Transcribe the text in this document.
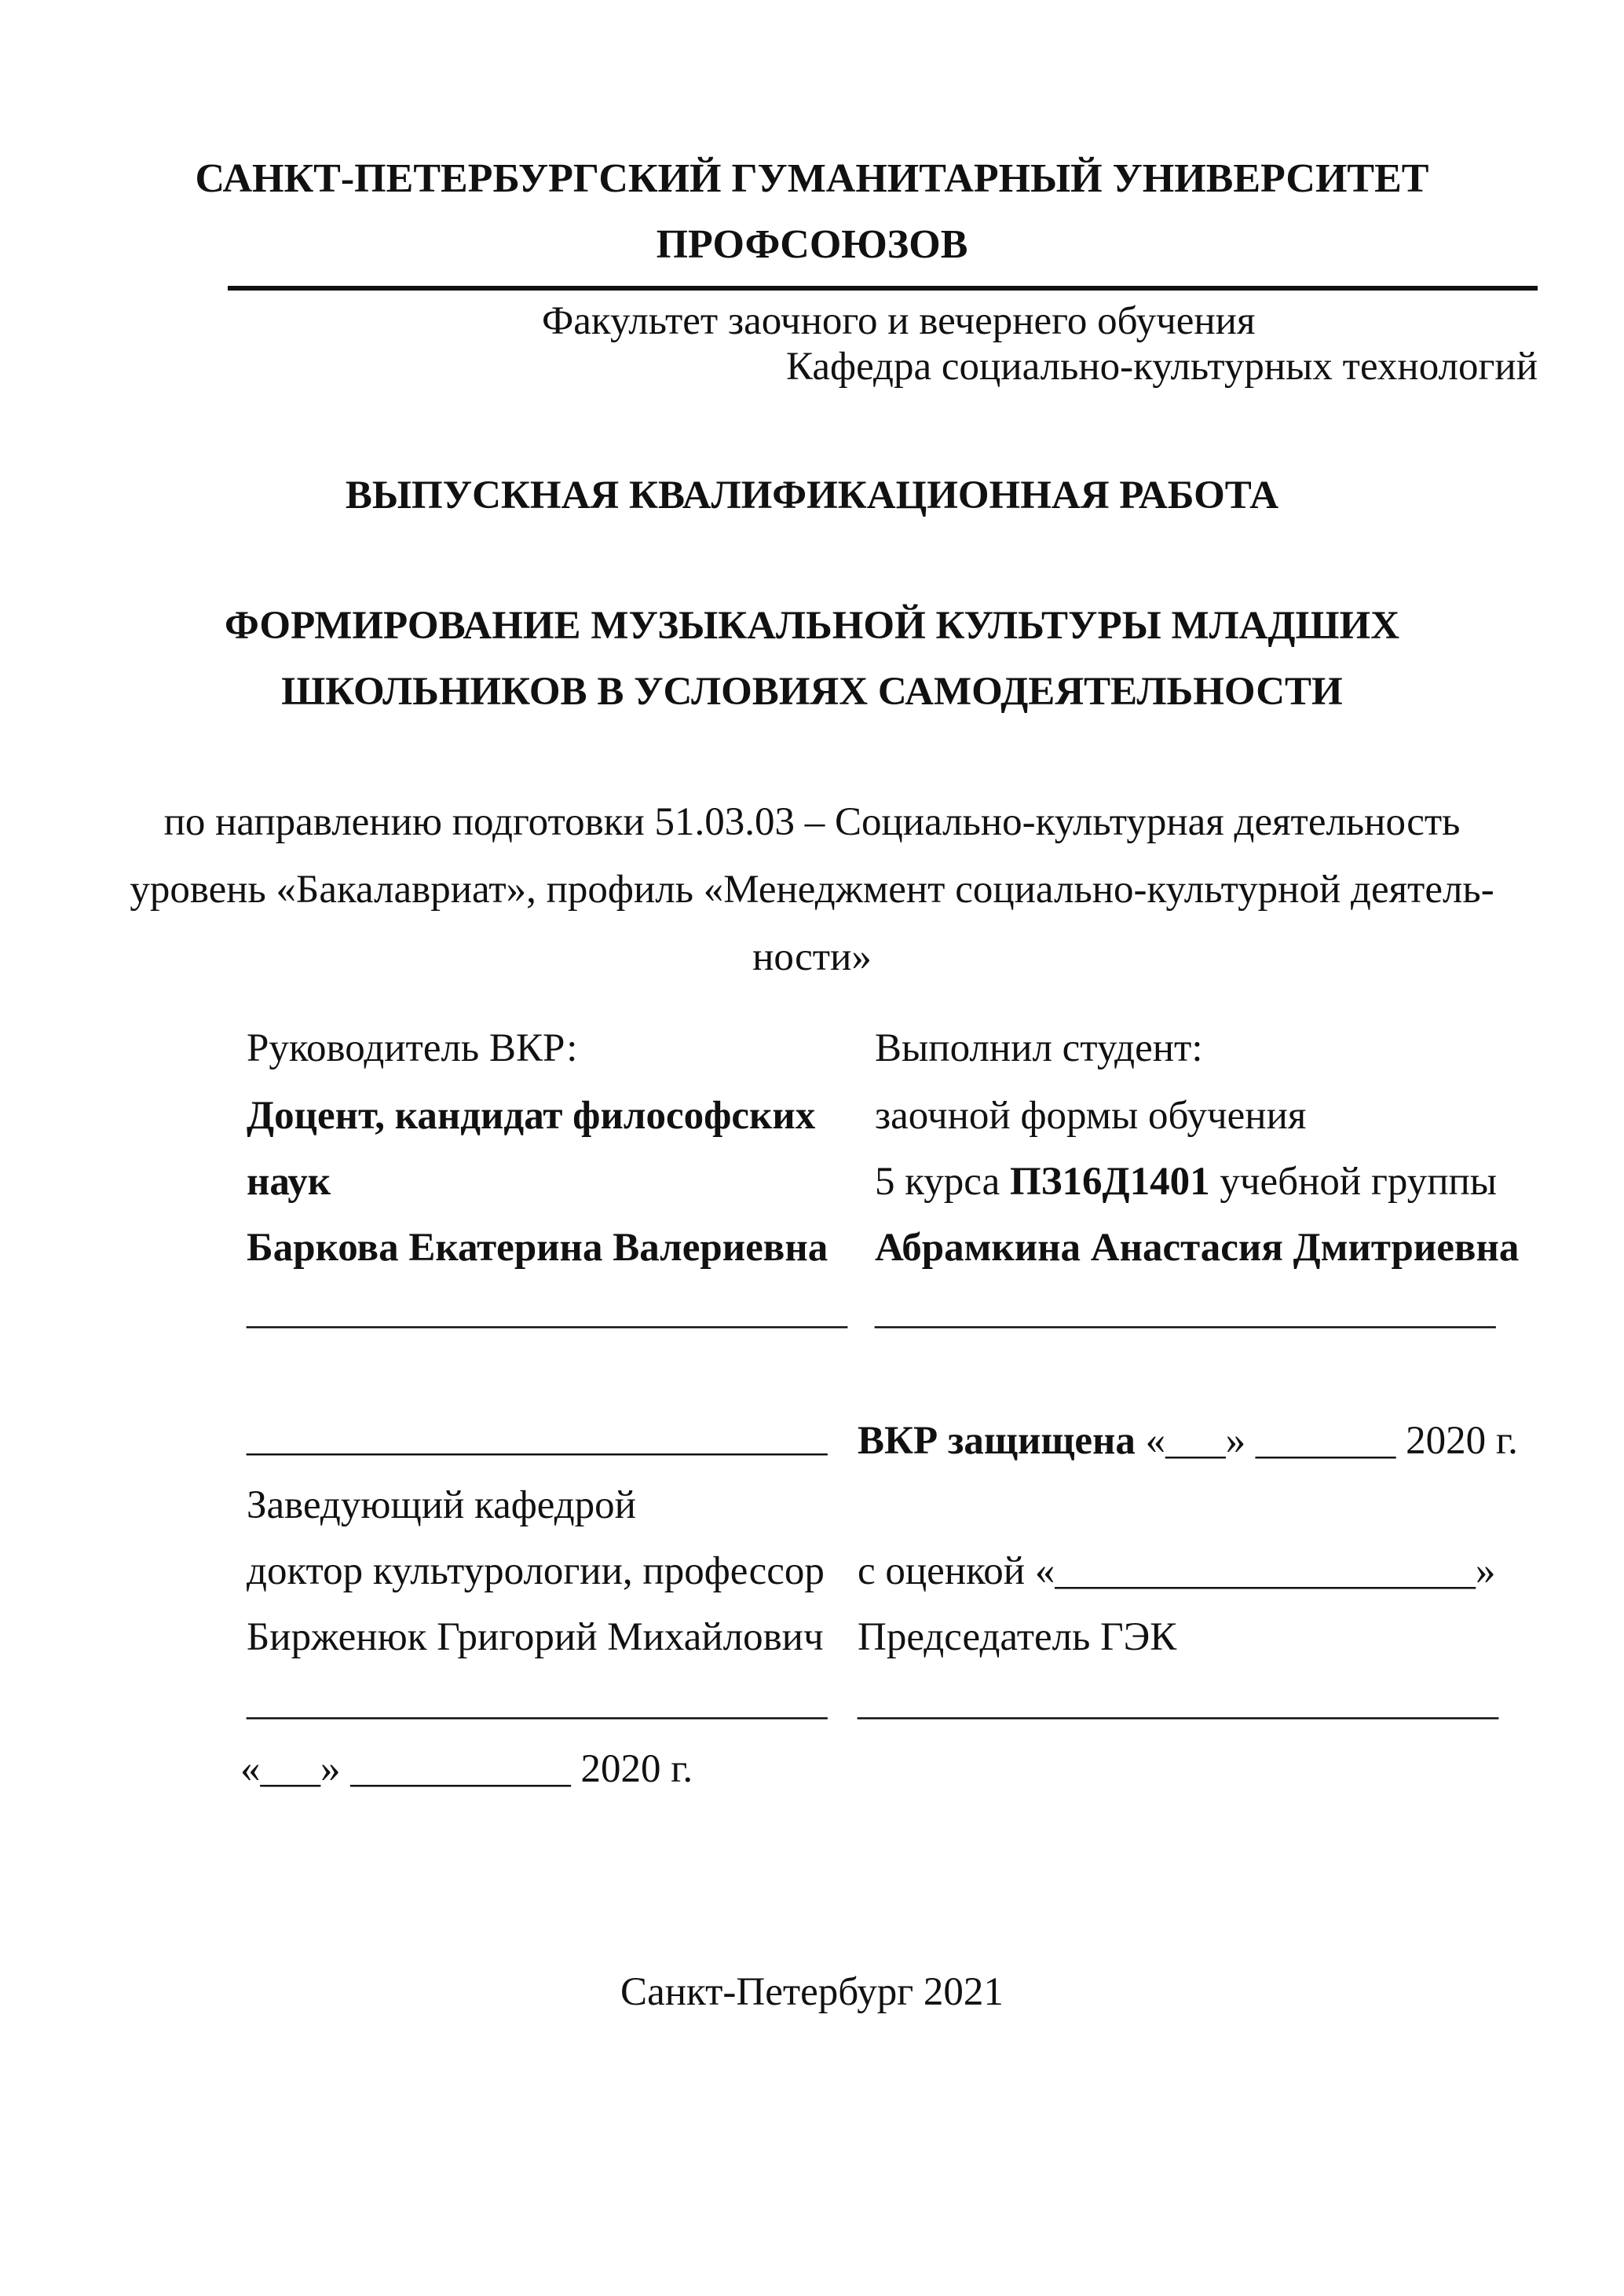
САНКТ-ПЕТЕРБУРГСКИЙ ГУМАНИТАРНЫЙ УНИВЕРСИТЕТ
ПРОФСОЮЗОВ
Факультет заочного и вечернего обучения
Кафедра социально-культурных технологий
ВЫПУСКНАЯ КВАЛИФИКАЦИОННАЯ РАБОТА
ФОРМИРОВАНИЕ МУЗЫКАЛЬНОЙ КУЛЬТУРЫ МЛАДШИХ
ШКОЛЬНИКОВ В УСЛОВИЯХ САМОДЕЯТЕЛЬНОСТИ
по направлению подготовки 51.03.03 – Социально-культурная деятельность
уровень «Бакалавриат», профиль «Менеджмент социально-культурной деятель-
ности»
Руководитель ВКР:
Доцент, кандидат философских
наук
Баркова Екатерина Валериевна
______________________________
Выполнил студент:
заочной формы обучения
5 курса ПЗ16Д1401 учебной группы
Абрамкина Анастасия Дмитриевна
_______________________________
_____________________________
Заведующий кафедрой
доктор культурологии, профессор
Бирженюк Григорий Михайлович
_____________________________
«___» ___________ 2020 г.
ВКР защищена «___» _______ 2020 г.
с оценкой «_____________________»
Председатель ГЭК
________________________________
Санкт-Петербург 2021
